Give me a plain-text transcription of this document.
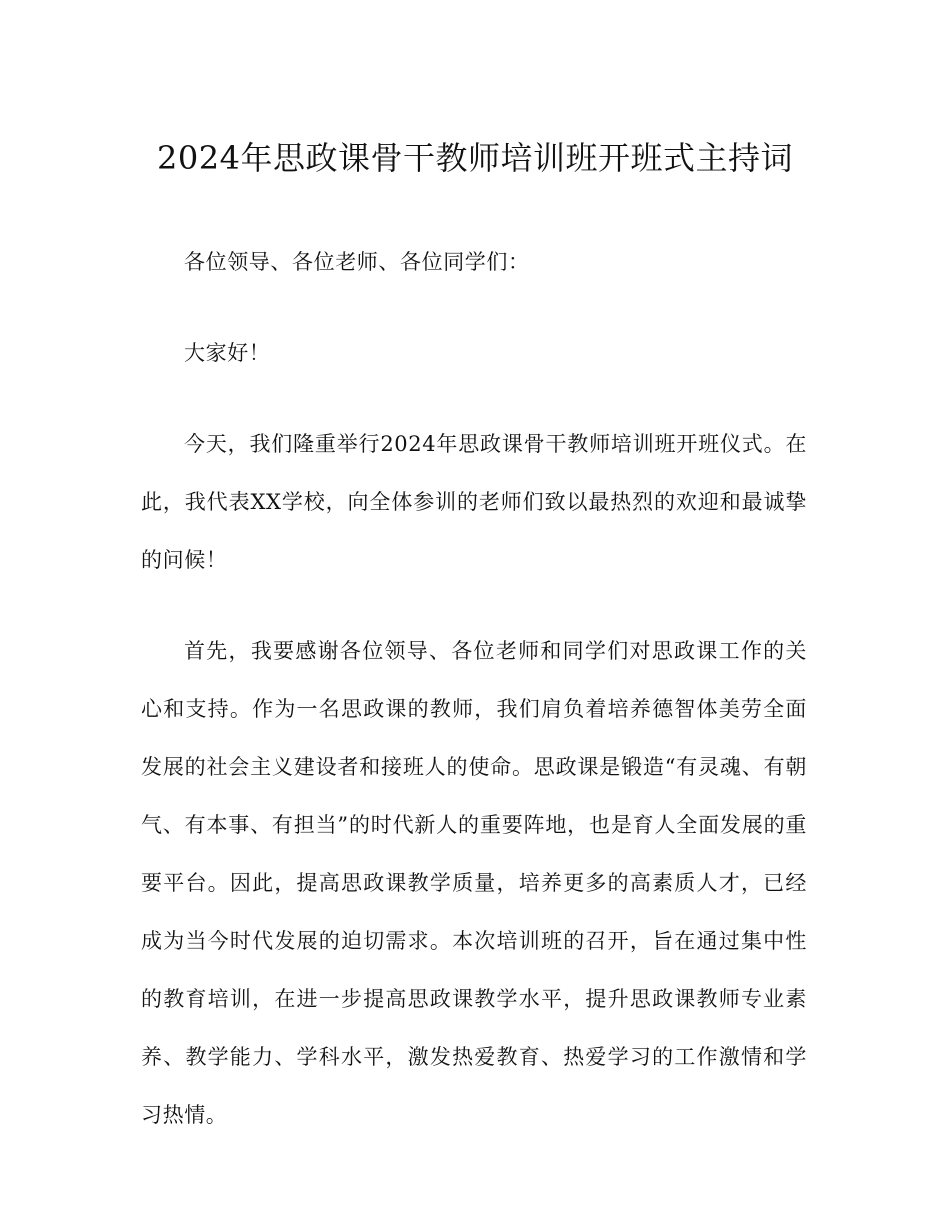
2024年思政课骨干教师培训班开班式主持词

各位领导、各位老师、各位同学们：

大家好！

今天，我们隆重举行2024年思政课骨干教师培训班开班仪式。在此，我代表XX学校，向全体参训的老师们致以最热烈的欢迎和最诚挚的问候！

首先，我要感谢各位领导、各位老师和同学们对思政课工作的关心和支持。作为一名思政课的教师，我们肩负着培养德智体美劳全面发展的社会主义建设者和接班人的使命。思政课是锻造“有灵魂、有朝气、有本事、有担当”的时代新人的重要阵地，也是育人全面发展的重要平台。因此，提高思政课教学质量，培养更多的高素质人才，已经成为当今时代发展的迫切需求。本次培训班的召开，旨在通过集中性的教育培训，在进一步提高思政课教学水平，提升思政课教师专业素养、教学能力、学科水平，激发热爱教育、热爱学习的工作激情和学习热情。
